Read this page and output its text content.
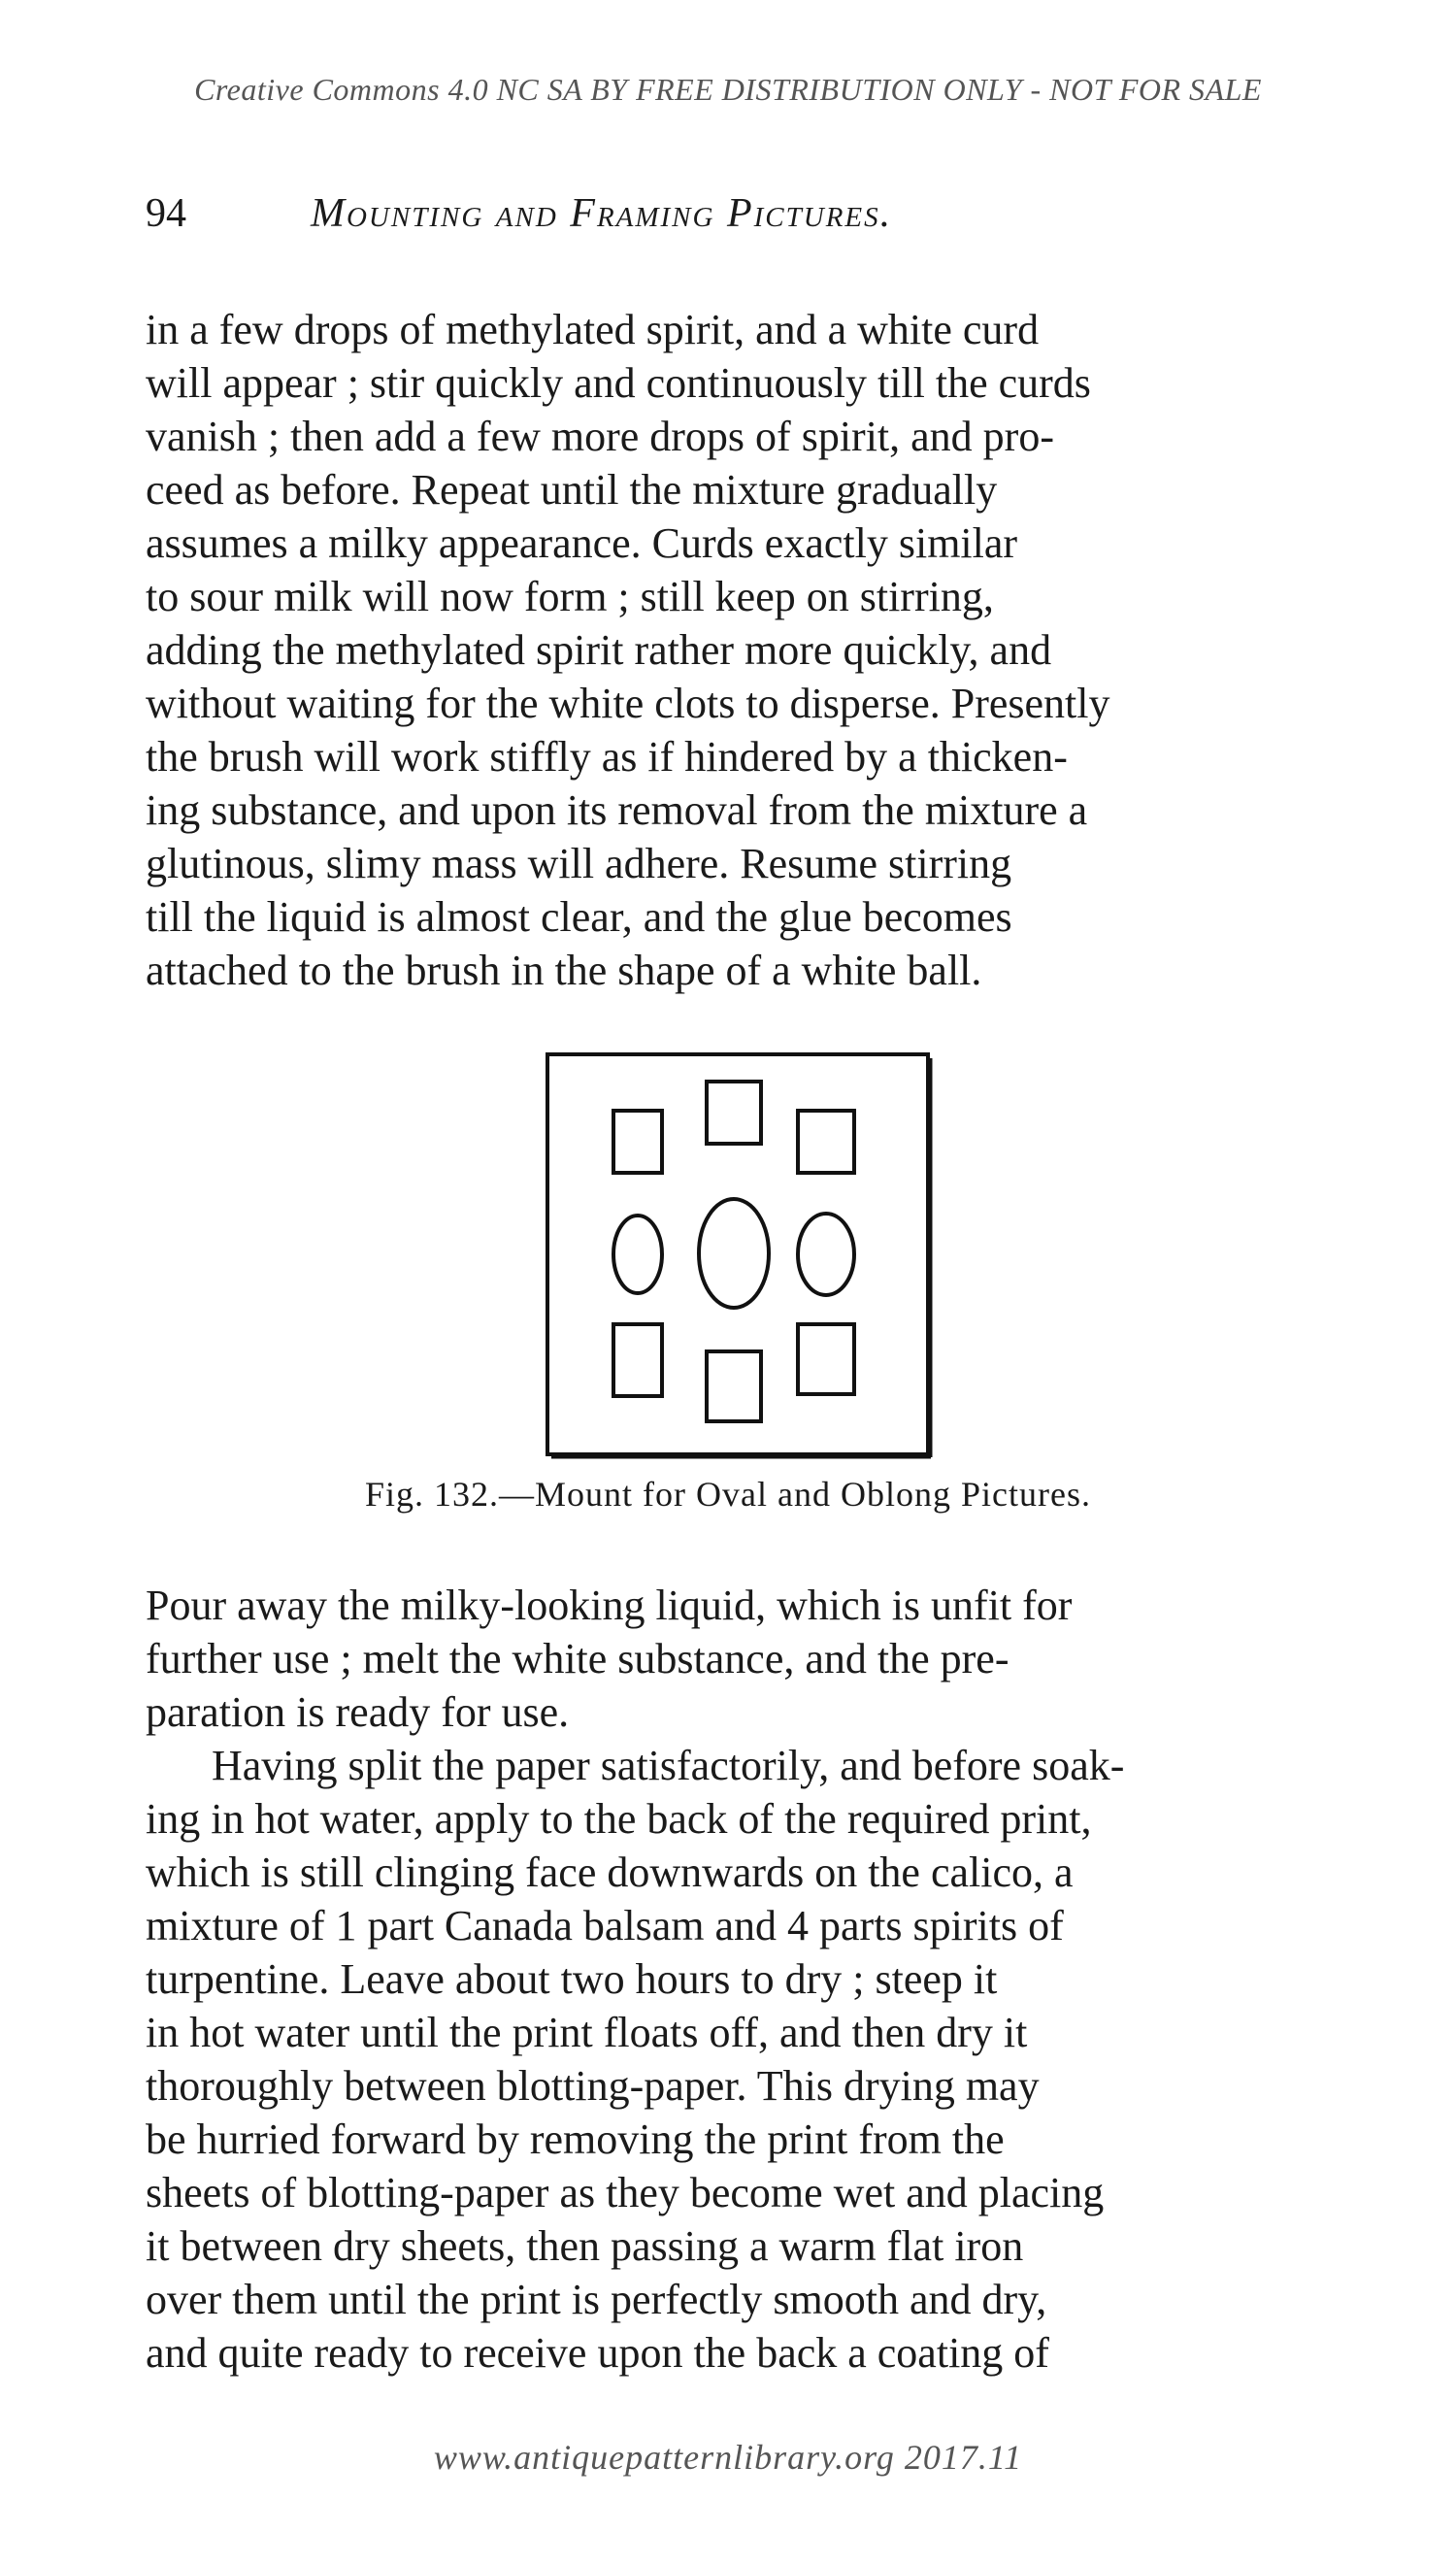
Creative Commons 4.0 NC SA BY FREE DISTRIBUTION ONLY - NOT FOR SALE
94	Mounting and Framing Pictures.

in a few drops of methylated spirit, and a white curd
will appear ; stir quickly and continuously till the curds
vanish ; then add a few more drops of spirit, and pro-
ceed as before. Repeat until the mixture gradually
assumes a milky appearance. Curds exactly similar
to sour milk will now form ; still keep on stirring,
adding the methylated spirit rather more quickly, and
without waiting for the white clots to disperse. Presently
the brush will work stiffly as if hindered by a thicken-
ing substance, and upon its removal from the mixture a
glutinous, slimy mass will adhere. Resume stirring
till the liquid is almost clear, and the glue becomes
attached to the brush in the shape of a white ball.

Fig. 132.—Mount for Oval and Oblong Pictures.

Pour away the milky-looking liquid, which is unfit for
further use ; melt the white substance, and the pre-
paration is ready for use.

Having split the paper satisfactorily, and before soak-
ing in hot water, apply to the back of the required print,
which is still clinging face downwards on the calico, a
mixture of 1 part Canada balsam and 4 parts spirits of
turpentine. Leave about two hours to dry ; steep it
in hot water until the print floats off, and then dry it
thoroughly between blotting-paper. This drying may
be hurried forward by removing the print from the
sheets of blotting-paper as they become wet and placing
it between dry sheets, then passing a warm flat iron
over them until the print is perfectly smooth and dry,
and quite ready to receive upon the back a coating of

www.antiquepatternlibrary.org 2017.11
